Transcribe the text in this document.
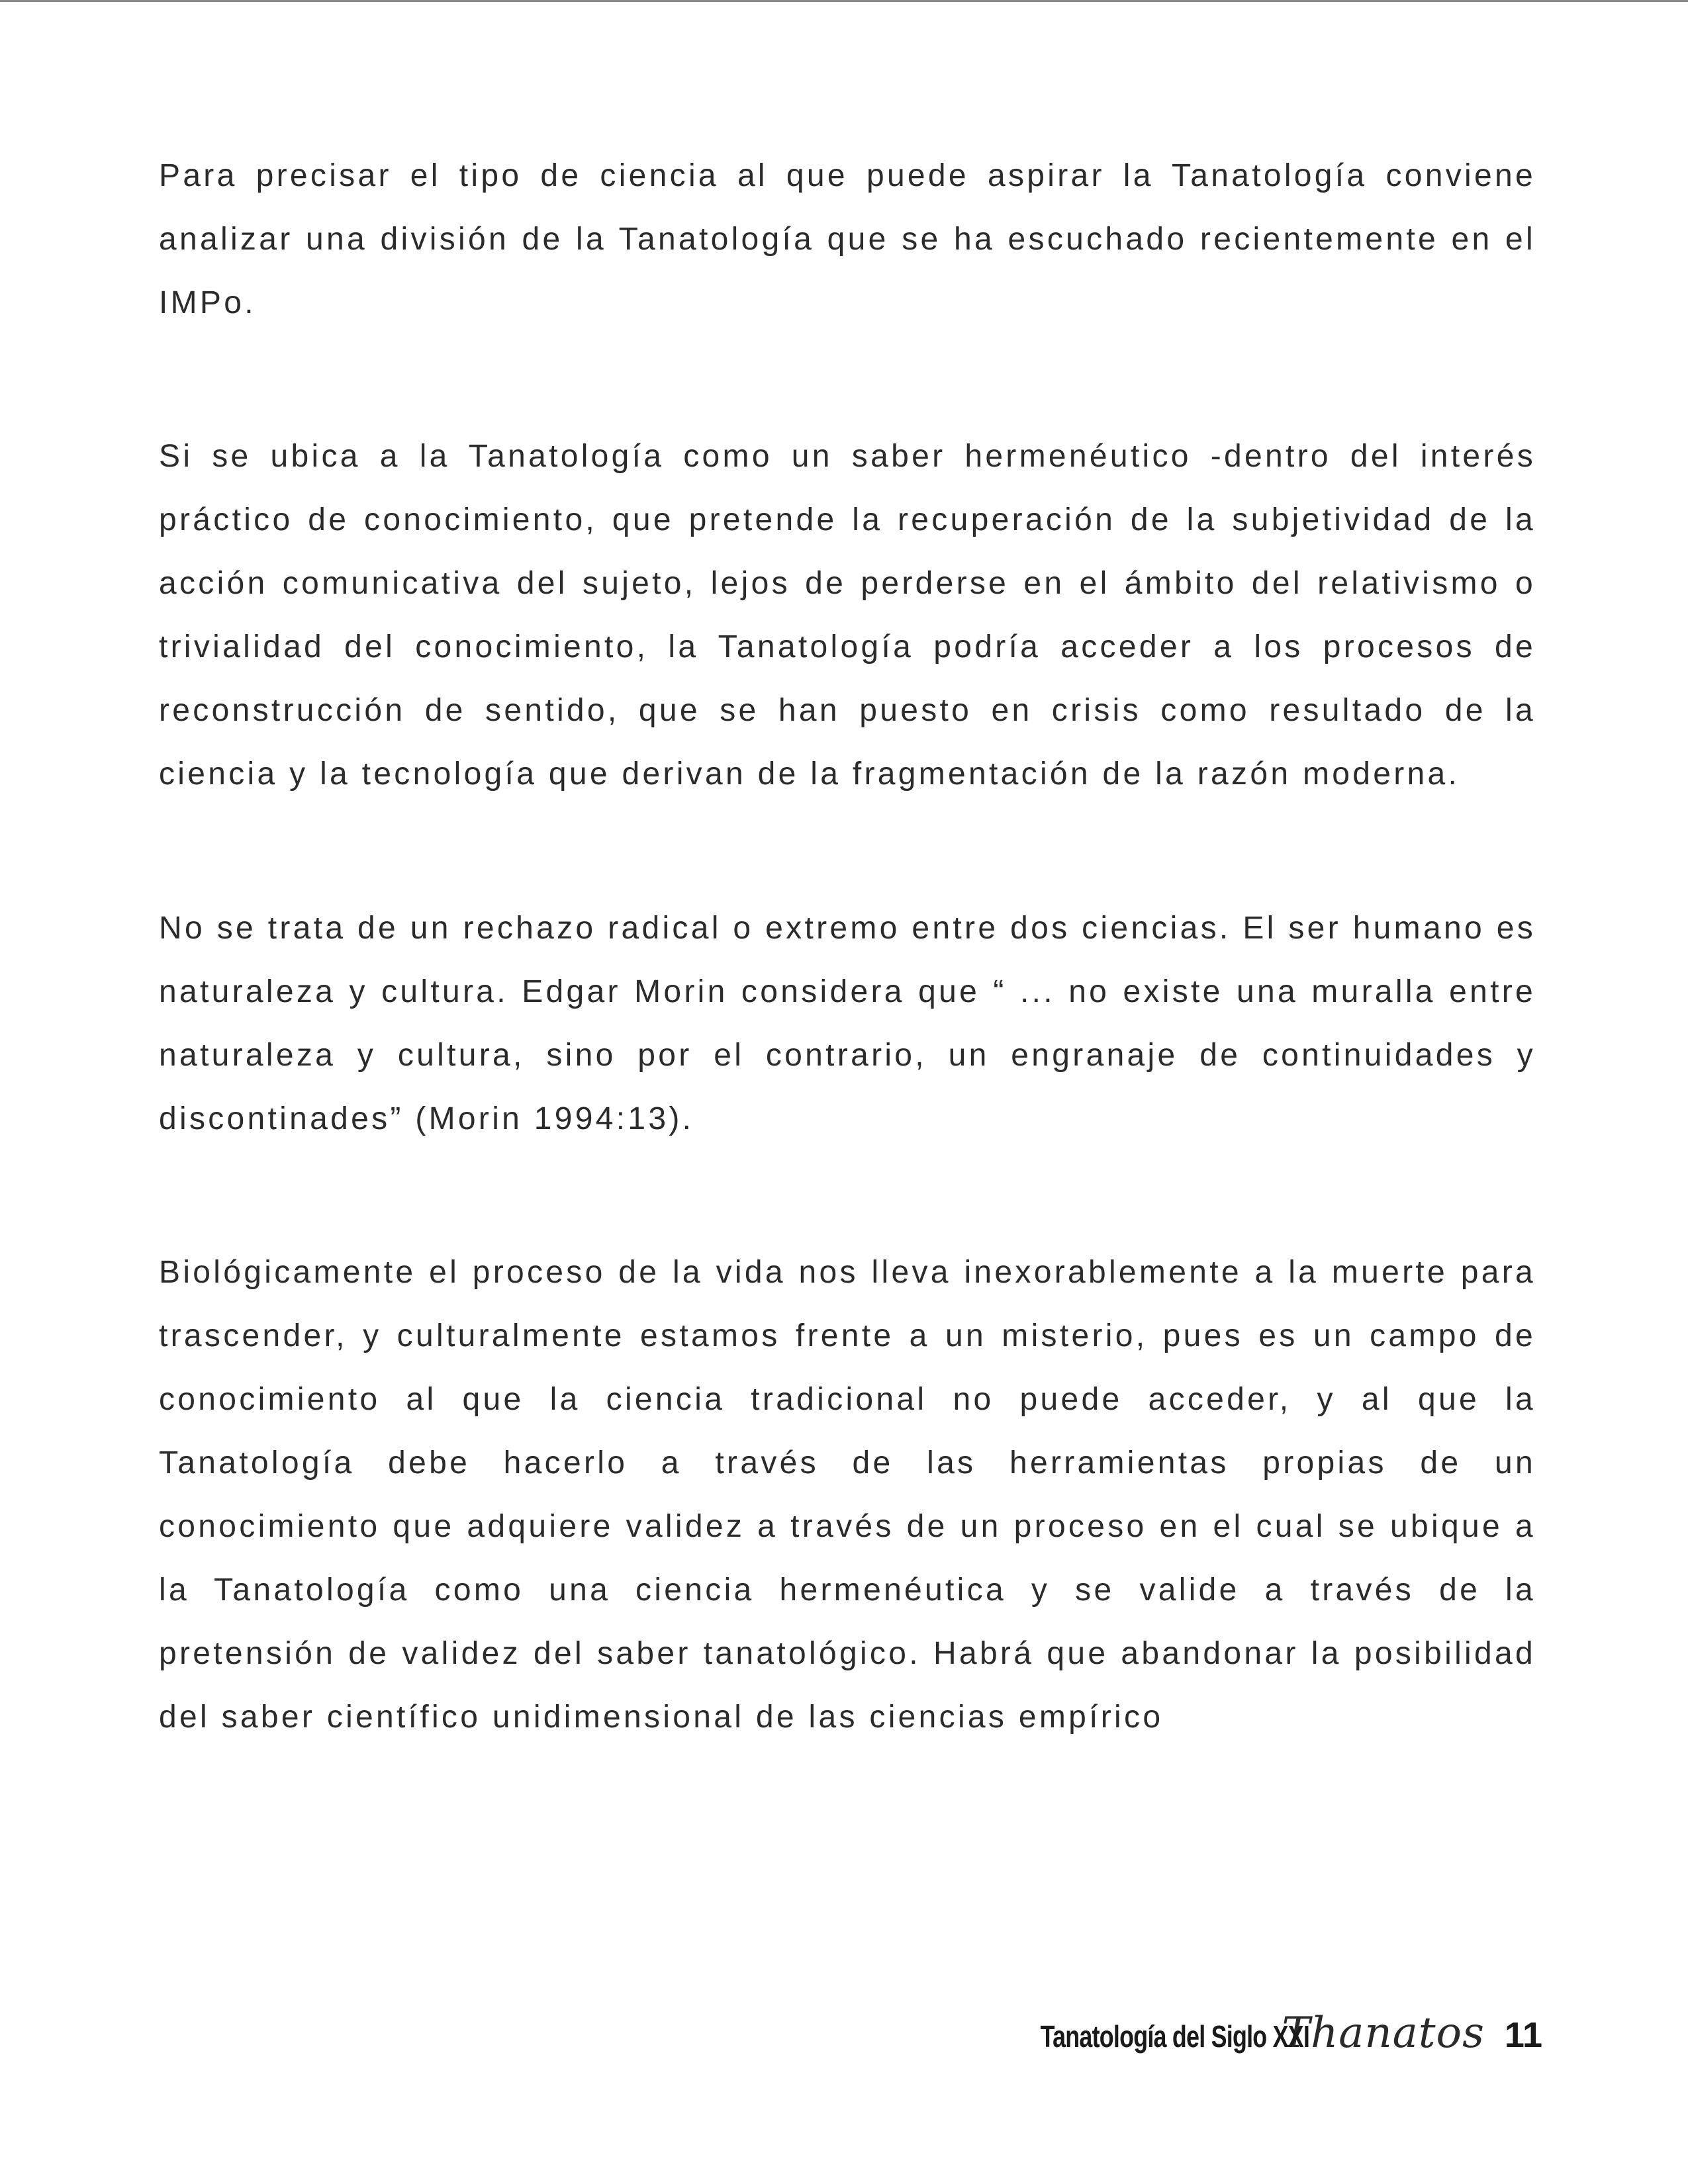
Para precisar el tipo de ciencia al que puede aspirar la Tanatología conviene analizar una división de la Tanatología que se ha escuchado recientemente en el IMPo.

Si se ubica a la Tanatología como un saber hermenéutico -dentro del interés práctico de conocimiento, que pretende la recuperación de la subjetividad de la acción comunicativa del sujeto, lejos de perderse en el ámbito del relativismo o trivialidad del conocimiento, la Tanatología podría acceder a los procesos de reconstrucción de sentido, que se han puesto en crisis como resultado de la ciencia y la tecnología que derivan de la fragmentación de la razón moderna.

No se trata de un rechazo radical o extremo entre dos ciencias. El ser humano es naturaleza y cultura. Edgar Morin considera que “ ... no existe una muralla entre naturaleza y cultura, sino por el contrario, un engranaje de continuidades y discontinades” (Morin 1994:13).

Biológicamente el proceso de la vida nos lleva inexorablemente a la muerte para trascender, y culturalmente estamos frente a un misterio, pues es un campo de conocimiento al que la ciencia tradicional no puede acceder, y al que la Tanatología debe hacerlo a través de las herramientas propias de un conocimiento que adquiere validez a través de un proceso en el cual se ubique a la Tanatología como una ciencia hermenéutica y se valide a través de la pretensión de validez del saber tanatológico. Habrá que abandonar la posibilidad del saber científico unidimensional de las ciencias empírico

Tanatología del Siglo XXI
Thanatos 11
